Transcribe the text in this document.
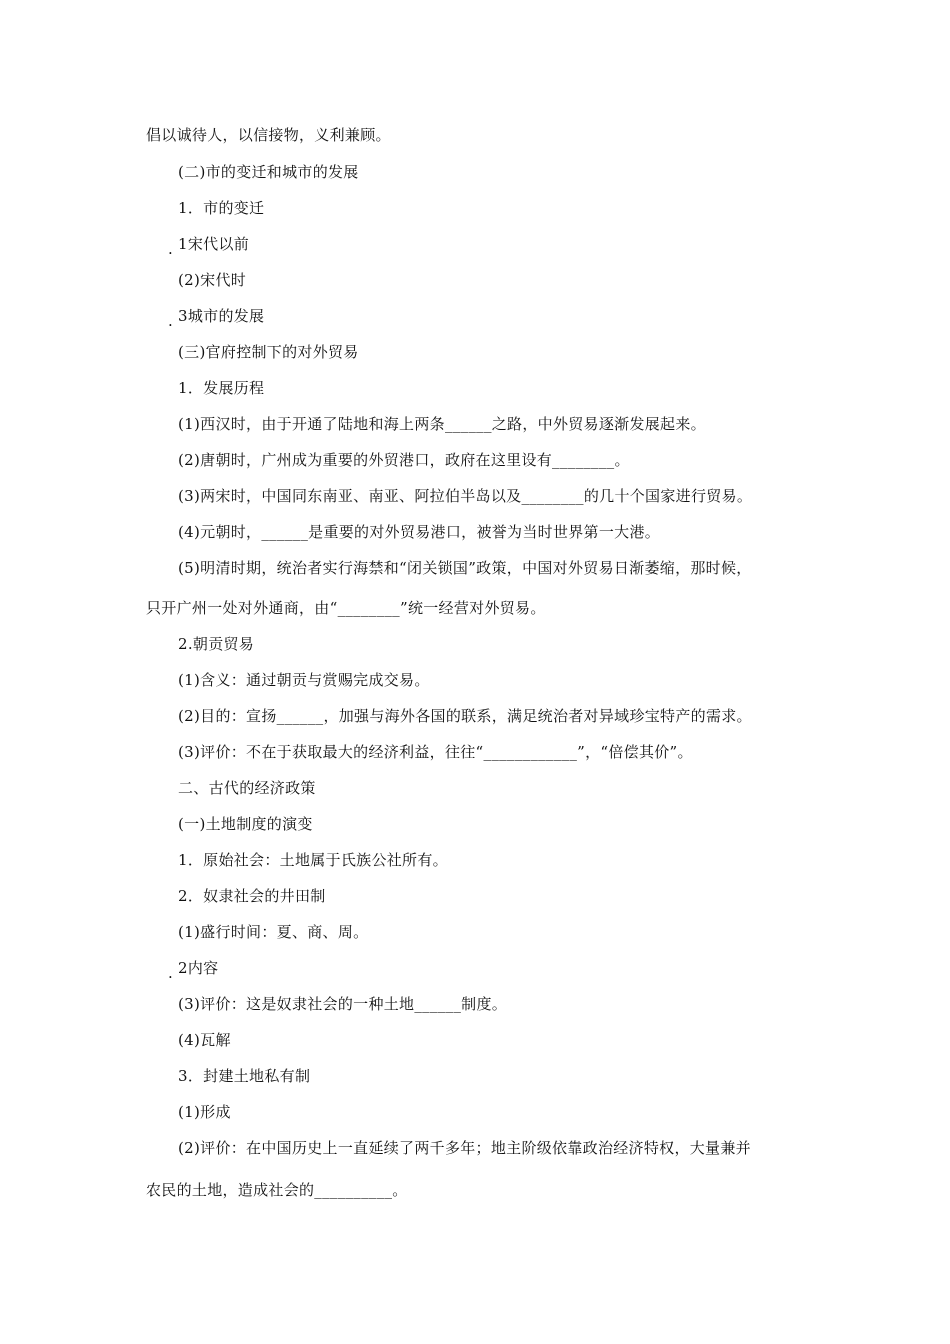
倡以诚待人，以信接物，义利兼顾。
(二)市的变迁和城市的发展
1．市的变迁
. 1宋代以前
(2)宋代时
. 3城市的发展
(三)官府控制下的对外贸易
1．发展历程
(1)西汉时，由于开通了陆地和海上两条______之路，中外贸易逐渐发展起来。
(2)唐朝时，广州成为重要的外贸港口，政府在这里设有________。
(3)两宋时，中国同东南亚、南亚、阿拉伯半岛以及________的几十个国家进行贸易。
(4)元朝时，______是重要的对外贸易港口，被誉为当时世界第一大港。
(5)明清时期，统治者实行海禁和“闭关锁国”政策，中国对外贸易日渐萎缩，那时候，
只开广州一处对外通商，由“________”统一经营对外贸易。
2.朝贡贸易
(1)含义：通过朝贡与赏赐完成交易。
(2)目的：宣扬______，加强与海外各国的联系，满足统治者对异域珍宝特产的需求。
(3)评价：不在于获取最大的经济利益，往往“____________”，“倍偿其价”。
二、古代的经济政策
(一)土地制度的演变
1．原始社会：土地属于氏族公社所有。
2．奴隶社会的井田制
(1)盛行时间：夏、商、周。
. 2内容
(3)评价：这是奴隶社会的一种土地______制度。
(4)瓦解
3．封建土地私有制
(1)形成
(2)评价：在中国历史上一直延续了两千多年；地主阶级依靠政治经济特权，大量兼并
农民的土地，造成社会的__________。
